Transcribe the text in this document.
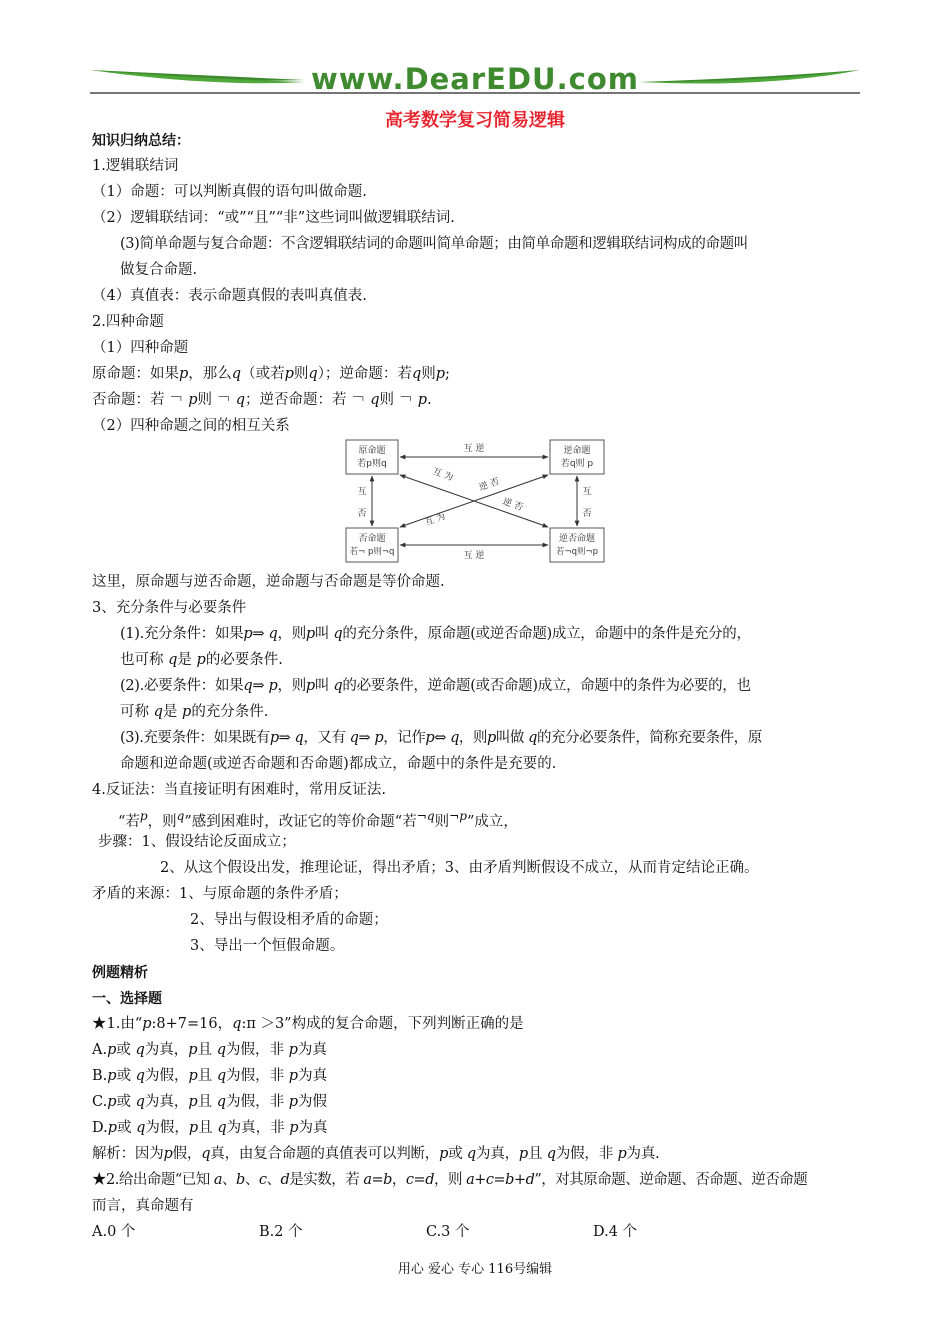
www.DearEDU.com
高考数学复习简易逻辑
知识归纳总结：
1.逻辑联结词
（1）命题：可以判断真假的语句叫做命题.
（2）逻辑联结词：“或”“且”“非”这些词叫做逻辑联结词.
(3)简单命题与复合命题：不含逻辑联结词的命题叫简单命题；由简单命题和逻辑联结词构成的命题叫
做复合命题.
（4）真值表：表示命题真假的表叫真值表.
2.四种命题
（1）四种命题
原命题：如果p，那么q（或若p则q）；逆命题：若q则p;
否命题：若 ￢ p则 ￢ q；逆否命题：若 ￢ q则 ￢ p.
（2）四种命题之间的相互关系
原命题
若p则q
逆命题
若q则 p
否命题
若¬ p则¬q
逆否命题
若¬q则¬p
互 逆
互 逆
互
否
互
否
互 为
逆 否
逆 否
互 为
这里，原命题与逆否命题，逆命题与否命题是等价命题.
3、充分条件与必要条件
(1).充分条件：如果p⇒ q，则p叫 q的充分条件，原命题(或逆否命题)成立，命题中的条件是充分的，
也可称 q是 p的必要条件.
(2).必要条件：如果q⇒ p，则p叫 q的必要条件，逆命题(或否命题)成立，命题中的条件为必要的，也
可称 q是 p的充分条件.
(3).充要条件：如果既有p⇒ q，又有 q⇒ p，记作p⇔ q，则p叫做 q的充分必要条件，简称充要条件，原
命题和逆命题(或逆否命题和否命题)都成立，命题中的条件是充要的.
4.反证法：当直接证明有困难时，常用反证法.
“若$^p$，则$^q$”感到困难时，改证它的等价命题“若$^{\neg q}$则$^{\neg p}$”成立，
步骤：1、假设结论反面成立；
2、从这个假设出发，推理论证，得出矛盾；3、由矛盾判断假设不成立，从而肯定结论正确。
矛盾的来源：1、与原命题的条件矛盾；
2、导出与假设相矛盾的命题；
3、导出一个恒假命题。
例题精析
一、选择题
★1.由“p:8+7=16，q:π ＞3”构成的复合命题，下列判断正确的是
A.p或 q为真，p且 q为假，非 p为真
B.p或 q为假，p且 q为假，非 p为真
C.p或 q为真，p且 q为假，非 p为假
D.p或 q为假，p且 q为真，非 p为真
解析：因为p假，q真，由复合命题的真值表可以判断，p或 q为真，p且 q为假，非 p为真.
★2.给出命题“已知 a、b、c、d是实数，若 a=b，c=d，则 a+c=b+d”，对其原命题、逆命题、否命题、逆否命题
而言，真命题有
A.0 个	B.2 个	C.3 个	D.4 个
用心 爱心 专心 116号编辑
